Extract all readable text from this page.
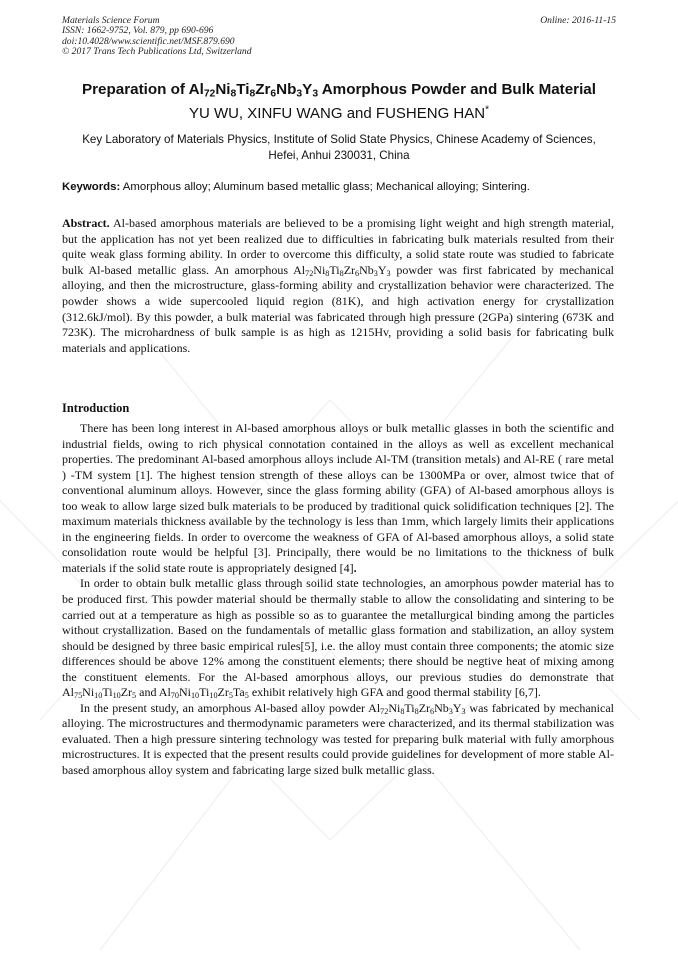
Materials Science Forum
ISSN: 1662-9752, Vol. 879, pp 690-696
doi:10.4028/www.scientific.net/MSF.879.690
© 2017 Trans Tech Publications Ltd, Switzerland
Online: 2016-11-15
Preparation of $Al_{72}Ni_8Ti_8Zr_6Nb_3Y_3$ Amorphous Powder and Bulk Material
YU WU, XINFU WANG and FUSHENG HAN*
Key Laboratory of Materials Physics, Institute of Solid State Physics, Chinese Academy of Sciences,
Hefei, Anhui 230031, China
Keywords: Amorphous alloy; Aluminum based metallic glass; Mechanical alloying; Sintering.
Abstract. Al-based amorphous materials are believed to be a promising light weight and high strength material, but the application has not yet been realized due to difficulties in fabricating bulk materials resulted from their quite weak glass forming ability. In order to overcome this difficulty, a solid state route was studied to fabricate bulk Al-based metallic glass. An amorphous $Al_{72}Ni_8Ti_8Zr_6Nb_3Y_3$ powder was first fabricated by mechanical alloying, and then the microstructure, glass-forming ability and crystallization behavior were characterized. The powder shows a wide supercooled liquid region (81K), and high activation energy for crystallization (312.6kJ/mol). By this powder, a bulk material was fabricated through high pressure (2GPa) sintering (673K and 723K). The microhardness of bulk sample is as high as 1215Hv, providing a solid basis for fabricating bulk materials and applications.
Introduction

There has been long interest in Al-based amorphous alloys or bulk metallic glasses in both the scientific and industrial fields, owing to rich physical connotation contained in the alloys as well as excellent mechanical properties. The predominant Al-based amorphous alloys include Al-TM (transition metals) and Al-RE ( rare metal ) -TM system [1]. The highest tension strength of these alloys can be 1300MPa or over, almost twice that of conventional aluminum alloys. However, since the glass forming ability (GFA) of Al-based amorphous alloys is too weak to allow large sized bulk materials to be produced by traditional quick solidification techniques [2]. The maximum materials thickness available by the technology is less than 1mm, which largely limits their applications in the engineering fields. In order to overcome the weakness of GFA of Al-based amorphous alloys, a solid state consolidation route would be helpful [3]. Principally, there would be no limitations to the thickness of bulk materials if the solid state route is appropriately designed [4].

In order to obtain bulk metallic glass through soilid state technologies, an amorphous powder material has to be produced first. This powder material should be thermally stable to allow the consolidating and sintering to be carried out at a temperature as high as possible so as to guarantee the metallurgical binding among the particles without crystallization. Based on the fundamentals of metallic glass formation and stabilization, an alloy system should be designed by three basic empirical rules[5], i.e. the alloy must contain three components; the atomic size differences should be above 12% among the constituent elements; there should be negtive heat of mixing among the constituent elements. For the Al-based amorphous alloys, our previous studies do demonstrate that $Al_{75}Ni_{10}Ti_{10}Zr_5$ and $Al_{70}Ni_{10}Ti_{10}Zr_5Ta_5$ exhibit relatively high GFA and good thermal stability [6,7].

In the present study, an amorphous Al-based alloy powder $Al_{72}Ni_8Ti_8Zr_6Nb_3Y_3$ was fabricated by mechanical alloying. The microstructures and thermodynamic parameters were characterized, and its thermal stabilization was evaluated. Then a high pressure sintering technology was tested for preparing bulk material with fully amorphous microstructures. It is expected that the present results could provide guidelines for development of more stable Al-based amorphous alloy system and fabricating large sized bulk metallic glass.
